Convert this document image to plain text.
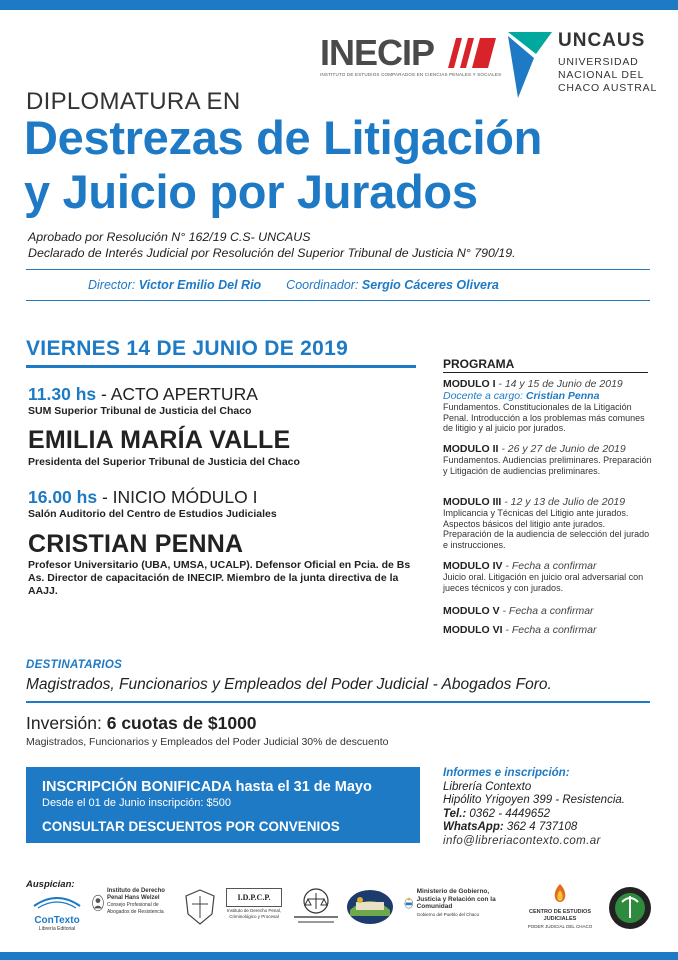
INECIP
INSTITUTO DE ESTUDIOS COMPARADOS EN CIENCIAS PENALES Y SOCIALES
UNCAUS
UNIVERSIDAD
NACIONAL DEL
CHACO AUSTRAL
DIPLOMATURA EN
Destrezas de Litigación
y Juicio por Jurados
Aprobado por Resolución N° 162/19 C.S- UNCAUS
Declarado de Interés Judicial por Resolución del Superior Tribunal de Justicia N° 790/19.
Director: Victor Emilio Del Rio Coordinador: Sergio Cáceres Olivera
VIERNES 14 DE JUNIO DE 2019
11.30 hs - ACTO APERTURA
SUM Superior Tribunal de Justicia del Chaco
EMILIA MARÍA VALLE
Presidenta del Superior Tribunal de Justicia del Chaco
16.00 hs - INICIO MÓDULO I
Salón Auditorio del Centro de Estudios Judiciales
CRISTIAN PENNA
Profesor Universitario (UBA, UMSA, UCALP). Defensor Oficial en Pcia. de Bs As. Director de capacitación de INECIP. Miembro de la junta directiva de la AAJJ.
PROGRAMA
MODULO I - 14 y 15 de Junio de 2019
Docente a cargo: Cristian Penna
Fundamentos. Constitucionales de la Litigación Penal. Introducción a los problemas más comunes de litigio y al juicio por jurados.
MODULO II - 26 y 27 de Junio de 2019
Fundamentos. Audiencias preliminares. Preparación y Litigación de audiencias preliminares.
MODULO III - 12 y 13 de Julio de 2019
Implicancia y Técnicas del Litigio ante jurados. Aspectos básicos del litigio ante jurados. Preparación de la audiencia de selección del jurado e instrucciones.
MODULO IV - Fecha a confirmar
Juicio oral. Litigación en juicio oral adversarial con jueces técnicos y con jurados.
MODULO V - Fecha a confirmar
MODULO VI - Fecha a confirmar
DESTINATARIOS
Magistrados, Funcionarios y Empleados del Poder Judicial - Abogados Foro.
Inversión: 6 cuotas de $1000
Magistrados, Funcionarios y Empleados del Poder Judicial 30% de descuento
INSCRIPCIÓN BONIFICADA hasta el 31 de Mayo
Desde el 01 de Junio inscripción: $500
CONSULTAR DESCUENTOS POR CONVENIOS
Informes e inscripción:
Librería Contexto
Hipólito Yrigoyen 399 - Resistencia.
Tel.: 0362 - 4449652
WhatsApp: 362 4 737108
info@libreriacontexto.com.ar
Auspician:
ConTexto
Librería Editorial
Instituto de Derecho Penal Hans Welzel
Consejo Profesional de Abogados de Resistencia
I.D.P.C.P.
Instituto de Derecho Penal, Criminológico y Procesal
Ministerio de Gobierno, Justicia y Relación con la Comunidad
Gobierno del Pueblo del Chaco	CENTRO DE ESTUDIOS JUDICIALES
PODER JUDICIAL DEL CHACO
